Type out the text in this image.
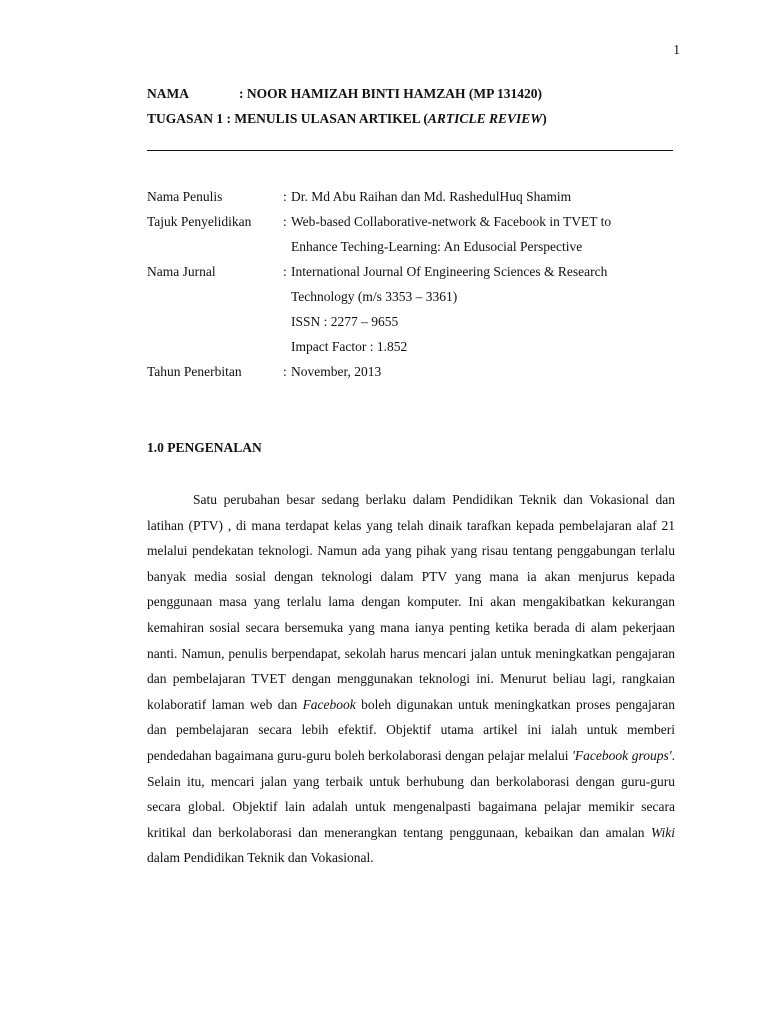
1
NAMA	: NOOR HAMIZAH BINTI HAMZAH (MP 131420)
TUGASAN 1 : MENULIS ULASAN ARTIKEL (ARTICLE REVIEW)
Nama Penulis	: Dr. Md Abu Raihan dan Md. RashedulHuq Shamim
Tajuk Penyelidikan	: Web-based Collaborative-network & Facebook in TVET to
Enhance Teching-Learning: An Edusocial Perspective
Nama Jurnal	: International Journal Of Engineering Sciences & Research
Technology (m/s 3353 – 3361)
ISSN : 2277 – 9655
Impact Factor : 1.852
Tahun Penerbitan	: November, 2013
1.0 PENGENALAN

Satu perubahan besar sedang berlaku dalam Pendidikan Teknik dan Vokasional dan latihan (PTV) , di mana terdapat kelas yang telah dinaik tarafkan kepada pembelajaran alaf 21 melalui pendekatan teknologi. Namun ada yang pihak yang risau tentang penggabungan terlalu banyak media sosial dengan teknologi dalam PTV yang mana ia akan menjurus kepada penggunaan masa yang terlalu lama dengan komputer. Ini akan mengakibatkan kekurangan kemahiran sosial secara bersemuka yang mana ianya penting ketika berada di alam pekerjaan nanti. Namun, penulis berpendapat, sekolah harus mencari jalan untuk meningkatkan pengajaran dan pembelajaran TVET dengan menggunakan teknologi ini. Menurut beliau lagi, rangkaian kolaboratif laman web dan Facebook boleh digunakan untuk meningkatkan proses pengajaran dan pembelajaran secara lebih efektif. Objektif utama artikel ini ialah untuk memberi pendedahan bagaimana guru-guru boleh berkolaborasi dengan pelajar melalui 'Facebook groups'. Selain itu, mencari jalan yang terbaik untuk berhubung dan berkolaborasi dengan guru-guru secara global. Objektif lain adalah untuk mengenalpasti bagaimana pelajar memikir secara kritikal dan berkolaborasi dan menerangkan tentang penggunaan, kebaikan dan amalan Wiki dalam Pendidikan Teknik dan Vokasional.
